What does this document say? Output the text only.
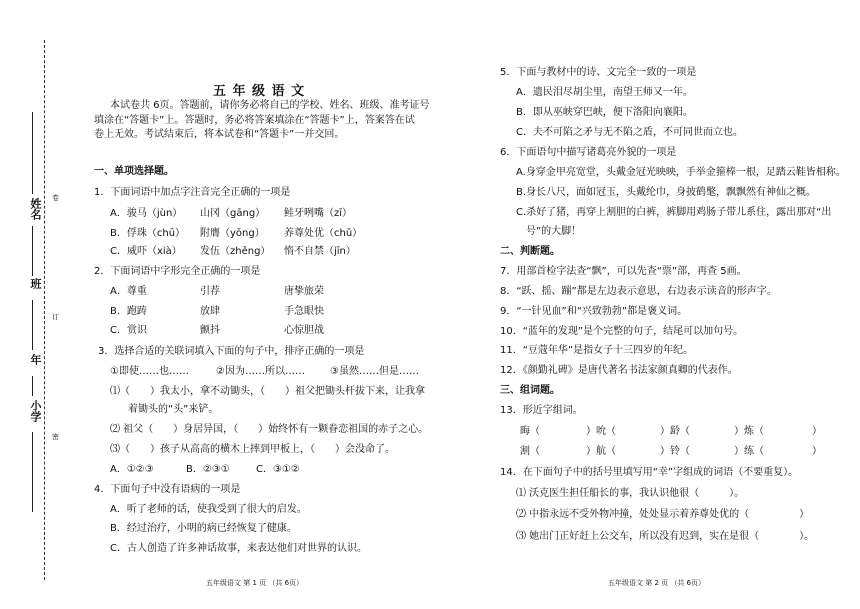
卷
订
密
姓名
班
年
小学
五 年 级 语 文
本试卷共 6页。答题前，请你务必将自己的学校、姓名、班级、准考证号
填涂在“答题卡”上。答题时，务必将答案填涂在“答题卡”上，答案答在试
卷上无效。考试结束后，将本试卷和“答题卡”一并交回。
一、单项选择题。
1．下面词语中加点字注音完全正确的一项是
A．骏马（jùn） 山冈（gāng） 鲑牙咧嘴（zī）
B．俘珠（chū） 附膺（yōng） 养尊处优（chǔ）
C．威吓（xià） 发伍（zhěng） 惰不自禁（jīn）
2．下面词语中字形完全正确的一项是
A．尊重	引荐	唐挚旅荣
B．跑踌	放肆	手急眼快
C．赏识	颤抖	心惊胆战
3．选择合适的关联词填入下面的句子中，排序正确的一项是
①即使……也……	②因为……所以……	③虽然……但是……
⑴（　　）我太小，拿不动锄头，（　　）祖父把锄头杆拔下来，让我拿
着锄头的“头”来铲。
⑵ 祖父（　　）身居异国，（　　）始终怀有一颗眷恋祖国的赤子之心。
⑶（　　）孩子从高高的横木上摔到甲板上，（　　）会没命了。
A．①②③	B．②③①	C．③①②
4．下面句子中没有语病的一项是
A．听了老师的话，使我受到了很大的启发。
B．经过治疗，小明的病已经恢复了健康。
C．古人创造了许多神话故事，来表达他们对世界的认识。
五年级语文 第 1 页 （共 6页）
5．下面与教材中的诗、文完全一致的一项是
A．遗民泪尽胡尘里，南望王师又一年。
B．即从巫峡穿巴峡，便下洛阳向襄阳。
C．夫不可陷之矛与无不陷之盾，不可同世而立也。
6．下面语句中描写诸葛亮外貌的一项是
A.身穿金甲亮宽堂，头戴金冠光映映，手举金箍棒一根，足踏云鞋皆相称。
B.身长八尺，面如冠玉，头戴纶巾，身披鹤氅，飘飘然有神仙之概。
C.杀好了猪，再穿上割胆的白裤，裤脚用鸡肠子带儿系住，露出那对“出
号”的大脚！
二、判断题。
7．用部首检字法查“飘”，可以先查“票”部，再查 5画。
8．“跃、摇、蹦”都是左边表示意思，右边表示读音的形声字。
9．“一针见血”和“兴致勃勃”都是褒义词。
10．“蓝年的发现”是个完整的句子，结尾可以加句号。
11．“豆蔻年华”是指女子十三四岁的年纪。
12．《颜勤礼碑》是唐代著名书法家颜真卿的代表作。
三、组词题。
13．形近字组词。
晦（	）吮（	）龄（	）炼（	）
割（	）航（	）铃（	）练（	）
14．在下面句子中的括号里填写用“幸”字组成的词语（不要重复）。
⑴ 沃克医生担任船长的事，我认识他很（　　　）。
⑵ 中指永远不受外物冲撞，处处显示着养尊处优的（　　　　　）
⑶ 她出门正好赶上公交车，所以没有迟到，实在是很（　　　　）。
五年级语文 第 2 页 （共 6页）
